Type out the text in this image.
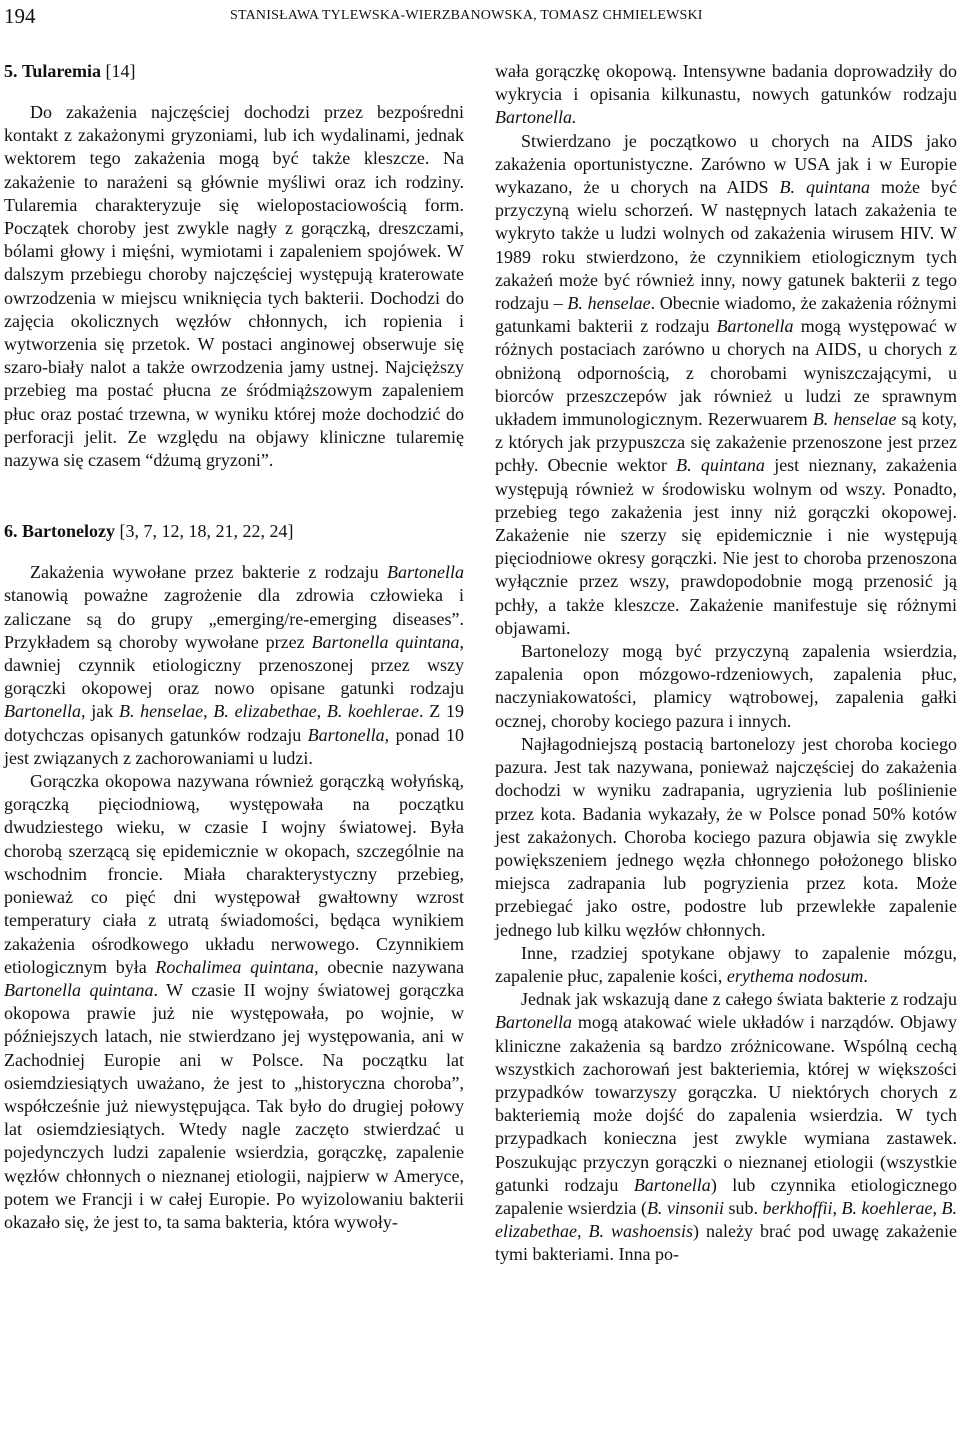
194	STANISŁAWA TYLEWSKA-WIERZBANOWSKA, TOMASZ CHMIELEWSKI
5. Tularemia [14]

Do zakażenia najczęściej dochodzi przez bezpośredni kontakt z zakażonymi gryzoniami, lub ich wydalinami, jednak wektorem tego zakażenia mogą być także kleszcze. Na zakażenie to narażeni są głównie myśliwi oraz ich rodziny. Tularemia charakteryzuje się wielopostaciowością form. Początek choroby jest zwykle nagły z gorączką, dreszczami, bólami głowy i mięśni, wymiotami i zapaleniem spojówek. W dalszym przebiegu choroby najczęściej występują kraterowate owrzodzenia w miejscu wniknięcia tych bakterii. Dochodzi do zajęcia okolicznych węzłów chłonnych, ich ropienia i wytworzenia się przetok. W postaci anginowej obserwuje się szaro-biały nalot a także owrzodzenia jamy ustnej. Najcięższy przebieg ma postać płucna ze śródmiąższowym zapaleniem płuc oraz postać trzewna, w wyniku której może dochodzić do perforacji jelit. Ze względu na objawy kliniczne tularemię nazywa się czasem “dżumą gryzoni”.

6. Bartonelozy [3, 7, 12, 18, 21, 22, 24]

Zakażenia wywołane przez bakterie z rodzaju Bartonella stanowią poważne zagrożenie dla zdrowia człowieka i zaliczane są do grupy „emerging/re-emerging diseases”. Przykładem są choroby wywołane przez Bartonella quintana, dawniej czynnik etiologiczny przenoszonej przez wszy gorączki okopowej oraz nowo opisane gatunki rodzaju Bartonella, jak B. henselae, B. elizabethae, B. koehlerae. Z 19 dotychczas opisanych gatunków rodzaju Bartonella, ponad 10 jest związanych z zachorowaniami u ludzi.

Gorączka okopowa nazywana również gorączką wołyńską, gorączką pięciodniową, występowała na początku dwudziestego wieku, w czasie I wojny światowej. Była chorobą szerzącą się epidemicznie w okopach, szczególnie na wschodnim froncie. Miała charakterystyczny przebieg, ponieważ co pięć dni występował gwałtowny wzrost temperatury ciała z utratą świadomości, będąca wynikiem zakażenia ośrodkowego układu nerwowego. Czynnikiem etiologicznym była Rochalimea quintana, obecnie nazywana Bartonella quintana. W czasie II wojny światowej gorączka okopowa prawie już nie występowała, po wojnie, w późniejszych latach, nie stwierdzano jej występowania, ani w Zachodniej Europie ani w Polsce. Na początku lat osiemdziesiątych uważano, że jest to „historyczna choroba”, współcześnie już niewystępująca. Tak było do drugiej połowy lat osiemdziesiątych. Wtedy nagle zaczęto stwierdzać u pojedynczych ludzi zapalenie wsierdzia, gorączkę, zapalenie węzłów chłonnych o nieznanej etiologii, najpierw w Ameryce, potem we Francji i w całej Europie. Po wyizolowaniu bakterii okazało się, że jest to, ta sama bakteria, która wywoły-

wała gorączkę okopową. Intensywne badania doprowadziły do wykrycia i opisania kilkunastu, nowych gatunków rodzaju Bartonella.

Stwierdzano je początkowo u chorych na AIDS jako zakażenia oportunistyczne. Zarówno w USA jak i w Europie wykazano, że u chorych na AIDS B. quintana może być przyczyną wielu schorzeń. W następnych latach zakażenia te wykryto także u ludzi wolnych od zakażenia wirusem HIV. W 1989 roku stwierdzono, że czynnikiem etiologicznym tych zakażeń może być również inny, nowy gatunek bakterii z tego rodzaju – B. henselae. Obecnie wiadomo, że zakażenia różnymi gatunkami bakterii z rodzaju Bartonella mogą występować w różnych postaciach zarówno u chorych na AIDS, u chorych z obniżoną odpornością, z chorobami wyniszczającymi, u biorców przeszczepów jak również u ludzi ze sprawnym układem immunologicznym. Rezerwuarem B. henselae są koty, z których jak przypuszcza się zakażenie przenoszone jest przez pchły. Obecnie wektor B. quintana jest nieznany, zakażenia występują również w środowisku wolnym od wszy. Ponadto, przebieg tego zakażenia jest inny niż gorączki okopowej. Zakażenie nie szerzy się epidemicznie i nie występują pięciodniowe okresy gorączki. Nie jest to choroba przenoszona wyłącznie przez wszy, prawdopodobnie mogą przenosić ją pchły, a także kleszcze. Zakażenie manifestuje się różnymi objawami.

Bartonelozy mogą być przyczyną zapalenia wsierdzia, zapalenia opon mózgowo-rdzeniowych, zapalenia płuc, naczyniakowatości, plamicy wątrobowej, zapalenia gałki ocznej, choroby kociego pazura i innych.

Najłagodniejszą postacią bartonelozy jest choroba kociego pazura. Jest tak nazywana, ponieważ najczęściej do zakażenia dochodzi w wyniku zadrapania, ugryzienia lub poślinienie przez kota. Badania wykazały, że w Polsce ponad 50% kotów jest zakażonych. Choroba kociego pazura objawia się zwykle powiększeniem jednego węzła chłonnego położonego blisko miejsca zadrapania lub pogryzienia przez kota. Może przebiegać jako ostre, podostre lub przewlekłe zapalenie jednego lub kilku węzłów chłonnych.

Inne, rzadziej spotykane objawy to zapalenie mózgu, zapalenie płuc, zapalenie kości, erythema nodosum.

Jednak jak wskazują dane z całego świata bakterie z rodzaju Bartonella mogą atakować wiele układów i narządów. Objawy kliniczne zakażenia są bardzo zróżnicowane. Wspólną cechą wszystkich zachorowań jest bakteriemia, której w większości przypadków towarzyszy gorączka. U niektórych chorych z bakteriemią może dojść do zapalenia wsierdzia. W tych przypadkach konieczna jest zwykle wymiana zastawek. Poszukując przyczyn gorączki o nieznanej etiologii (wszystkie gatunki rodzaju Bartonella) lub czynnika etiologicznego zapalenie wsierdzia (B. vinsonii sub. berkhoffii, B. koehlerae, B. elizabethae, B. washoensis) należy brać pod uwagę zakażenie tymi bakteriami. Inna po-
